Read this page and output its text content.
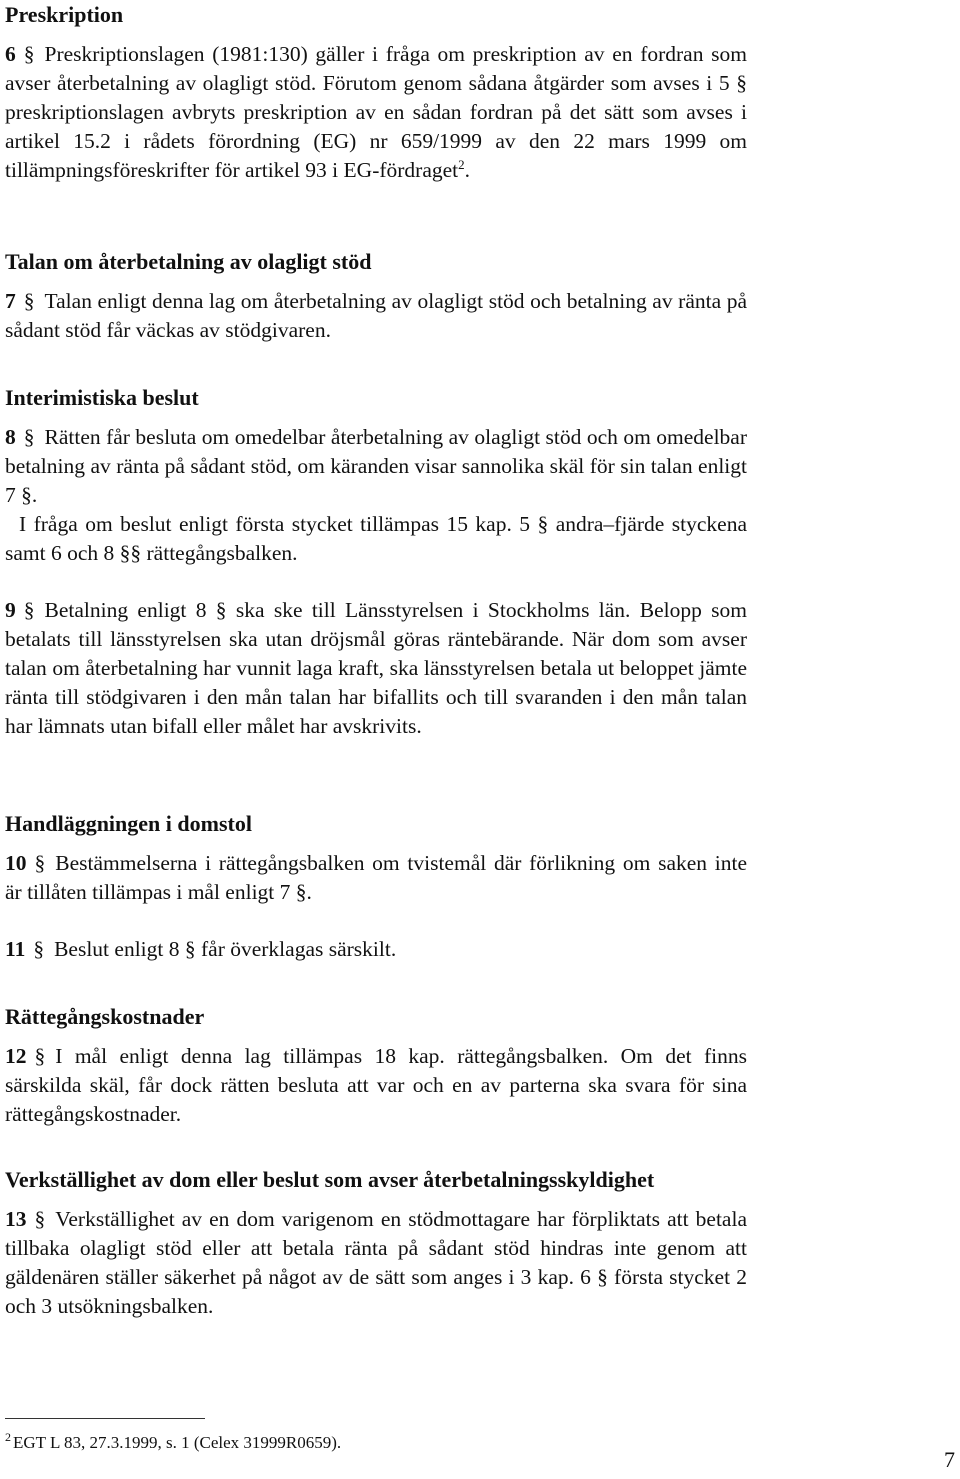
Preskription

6 § Preskriptionslagen (1981:130) gäller i fråga om preskription av en fordran som avser återbetalning av olagligt stöd. Förutom genom sådana åtgärder som avses i 5 § preskriptionslagen avbryts preskription av en sådan fordran på det sätt som avses i artikel 15.2 i rådets förordning (EG) nr 659/1999 av den 22 mars 1999 om tillämpningsföreskrifter för artikel 93 i EG-fördraget$^2$.

Talan om återbetalning av olagligt stöd

7 § Talan enligt denna lag om återbetalning av olagligt stöd och betalning av ränta på sådant stöd får väckas av stödgivaren.

Interimistiska beslut

8 § Rätten får besluta om omedelbar återbetalning av olagligt stöd och om omedelbar betalning av ränta på sådant stöd, om käranden visar sannolika skäl för sin talan enligt 7 §.

I fråga om beslut enligt första stycket tillämpas 15 kap. 5 § andra–fjärde styckena samt 6 och 8 §§ rättegångsbalken.

9 § Betalning enligt 8 § ska ske till Länsstyrelsen i Stockholms län. Belopp som betalats till länsstyrelsen ska utan dröjsmål göras räntebärande. När dom som avser talan om återbetalning har vunnit laga kraft, ska länsstyrelsen betala ut beloppet jämte ränta till stödgivaren i den mån talan har bifallits och till svaranden i den mån talan har lämnats utan bifall eller målet har avskrivits.

Handläggningen i domstol

10 § Bestämmelserna i rättegångsbalken om tvistemål där förlikning om saken inte är tillåten tillämpas i mål enligt 7 §.

11 § Beslut enligt 8 § får överklagas särskilt.

Rättegångskostnader

12 § I mål enligt denna lag tillämpas 18 kap. rättegångsbalken. Om det finns särskilda skäl, får dock rätten besluta att var och en av parterna ska svara för sina rättegångskostnader.

Verkställighet av dom eller beslut som avser återbetalningsskyldighet

13 § Verkställighet av en dom varigenom en stödmottagare har förpliktats att betala tillbaka olagligt stöd eller att betala ränta på sådant stöd hindras inte genom att gäldenären ställer säkerhet på något av de sätt som anges i 3 kap. 6 § första stycket 2 och 3 utsökningsbalken.

$^2$ EGT L 83, 27.3.1999, s. 1 (Celex 31999R0659).
7
